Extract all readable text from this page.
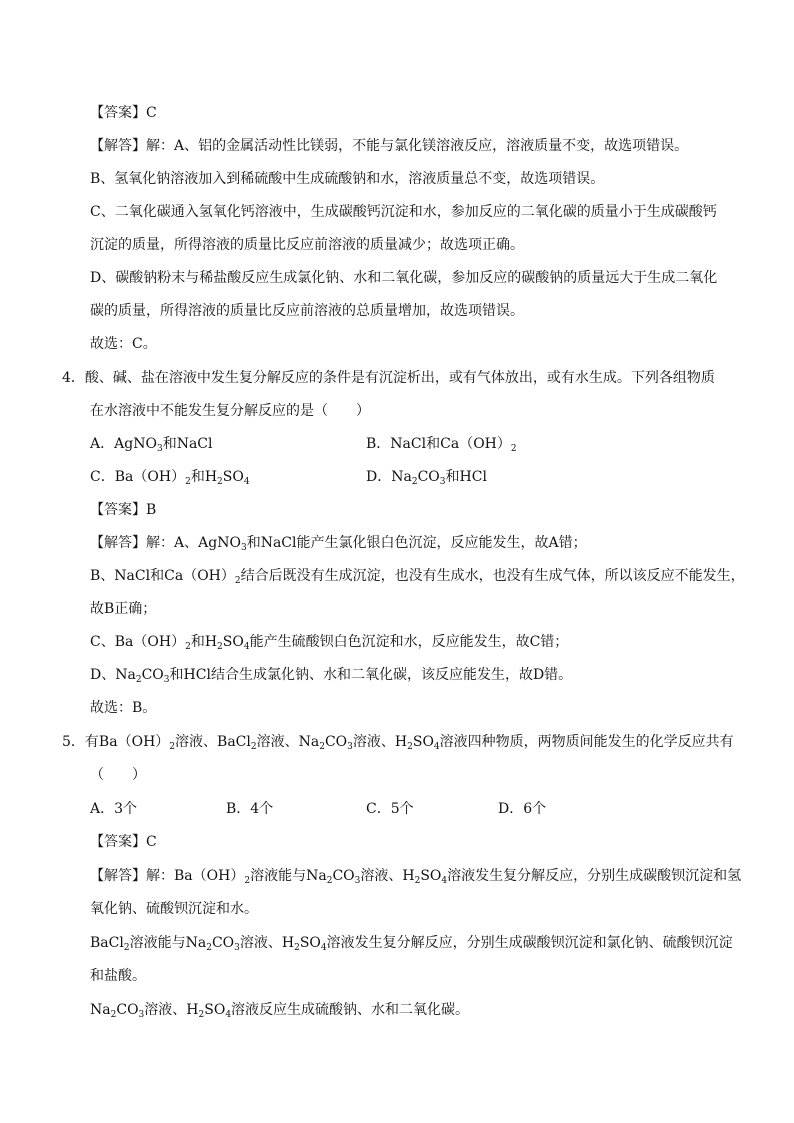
【答案】C
【解答】解：A、铝的金属活动性比镁弱，不能与氯化镁溶液反应，溶液质量不变，故选项错误。
B、氢氧化钠溶液加入到稀硫酸中生成硫酸钠和水，溶液质量总不变，故选项错误。
C、二氧化碳通入氢氧化钙溶液中，生成碳酸钙沉淀和水，参加反应的二氧化碳的质量小于生成碳酸钙
沉淀的质量，所得溶液的质量比反应前溶液的质量减少；故选项正确。
D、碳酸钠粉末与稀盐酸反应生成氯化钠、水和二氧化碳，参加反应的碳酸钠的质量远大于生成二氧化
碳的质量，所得溶液的质量比反应前溶液的总质量增加，故选项错误。
故选：C。
4．酸、碱、盐在溶液中发生复分解反应的条件是有沉淀析出，或有气体放出，或有水生成。下列各组物质
在水溶液中不能发生复分解反应的是（　　）
A．AgNO$_3$和NaCl	B．NaCl和$Ca(OH)_2$
C．$Ba(OH)_2$和$H_2SO_4$	D．$Na_2CO_3$和HCl
【答案】B
【解答】解：A、AgNO$_3$和NaCl能产生氯化银白色沉淀，反应能发生，故A错；
B、NaCl和$Ca(OH)_2$结合后既没有生成沉淀，也没有生成水，也没有生成气体，所以该反应不能发生，
故B正确；
C、$Ba(OH)_2$和$H_2SO_4$能产生硫酸钡白色沉淀和水，反应能发生，故C错；
D、$Na_2CO_3$和HCl结合生成氯化钠、水和二氧化碳，该反应能发生，故D错。
故选：B。
5．有$Ba(OH)_2$溶液、BaCl$_2$溶液、$Na_2CO_3$溶液、$H_2SO_4$溶液四种物质，两物质间能发生的化学反应共有
（　　）
A．3个	B．4个	C．5个	D．6个
【答案】C
【解答】解：$Ba(OH)_2$溶液能与$Na_2CO_3$溶液、$H_2SO_4$溶液发生复分解反应，分别生成碳酸钡沉淀和氢
氧化钠、硫酸钡沉淀和水。
BaCl$_2$溶液能与$Na_2CO_3$溶液、$H_2SO_4$溶液发生复分解反应，分别生成碳酸钡沉淀和氯化钠、硫酸钡沉淀
和盐酸。
$Na_2CO_3$溶液、$H_2SO_4$溶液反应生成硫酸钠、水和二氧化碳。
